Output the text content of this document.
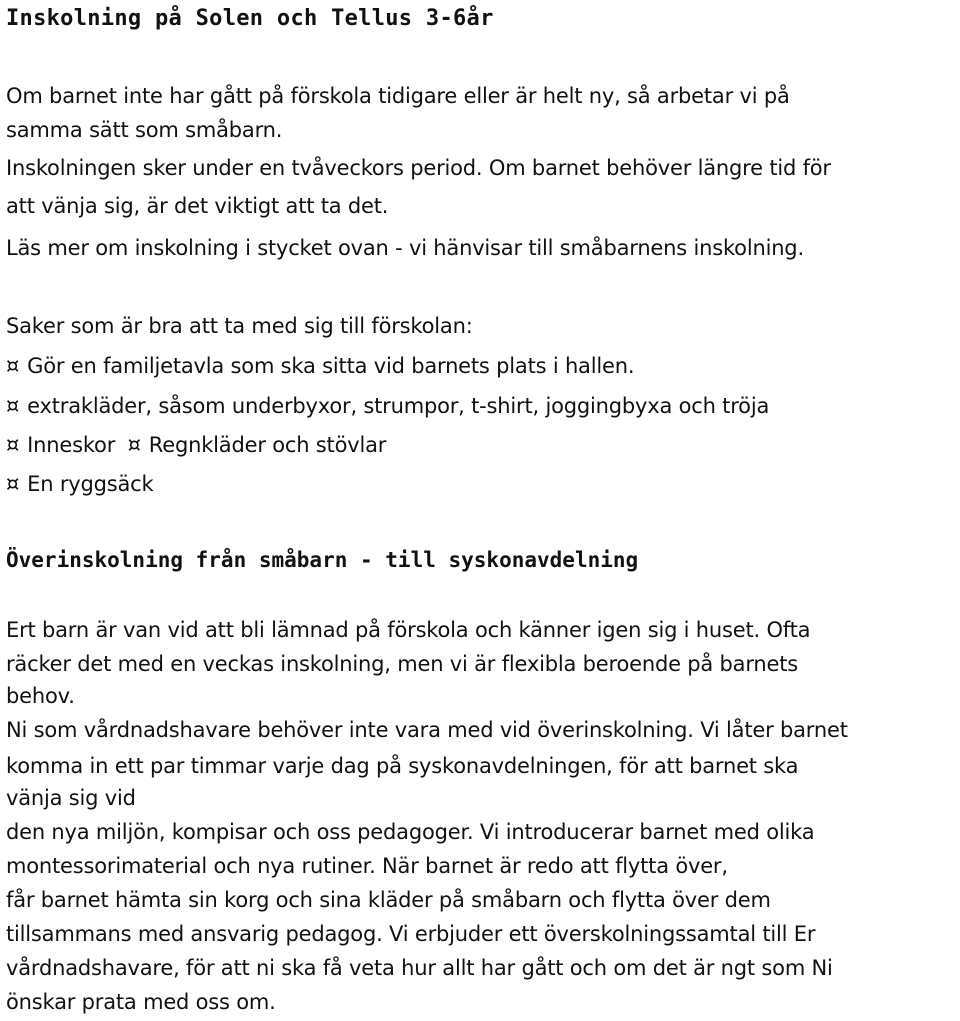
Inskolning på Solen och Tellus 3-6år
Om barnet inte har gått på förskola tidigare eller är helt ny, så arbetar vi på
samma sätt som småbarn.
Inskolningen sker under en tvåveckors period. Om barnet behöver längre tid för
att vänja sig, är det viktigt att ta det.
Läs mer om inskolning i stycket ovan - vi hänvisar till småbarnens inskolning.
Saker som är bra att ta med sig till förskolan:
¤ Gör en familjetavla som ska sitta vid barnets plats i hallen.
¤ extrakläder, såsom underbyxor, strumpor, t-shirt, joggingbyxa och tröja
¤ Inneskor ¤ Regnkläder och stövlar
¤ En ryggsäck
Överinskolning från småbarn - till syskonavdelning
Ert barn är van vid att bli lämnad på förskola och känner igen sig i huset. Ofta
räcker det med en veckas inskolning, men vi är flexibla beroende på barnets
behov.
Ni som vårdnadshavare behöver inte vara med vid överinskolning. Vi låter barnet
komma in ett par timmar varje dag på syskonavdelningen, för att barnet ska
vänja sig vid
den nya miljön, kompisar och oss pedagoger. Vi introducerar barnet med olika
montessorimaterial och nya rutiner. När barnet är redo att flytta över,
får barnet hämta sin korg och sina kläder på småbarn och flytta över dem
tillsammans med ansvarig pedagog. Vi erbjuder ett överskolningssamtal till Er
vårdnadshavare, för att ni ska få veta hur allt har gått och om det är ngt som Ni
önskar prata med oss om.
